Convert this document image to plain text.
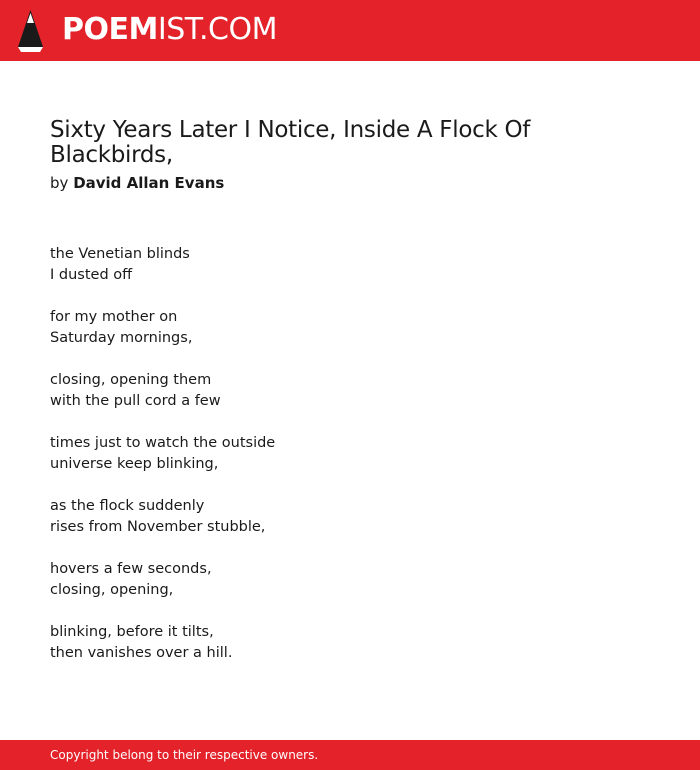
POEMIST.COM
Sixty Years Later I Notice, Inside A Flock Of Blackbirds,

by David Allan Evans

the Venetian blinds
I dusted off
for my mother on
Saturday mornings,
closing, opening them
with the pull cord a few
times just to watch the outside
universe keep blinking,
as the flock suddenly
rises from November stubble,
hovers a few seconds,
closing, opening,
blinking, before it tilts,
then vanishes over a hill.
Copyright belong to their respective owners.
